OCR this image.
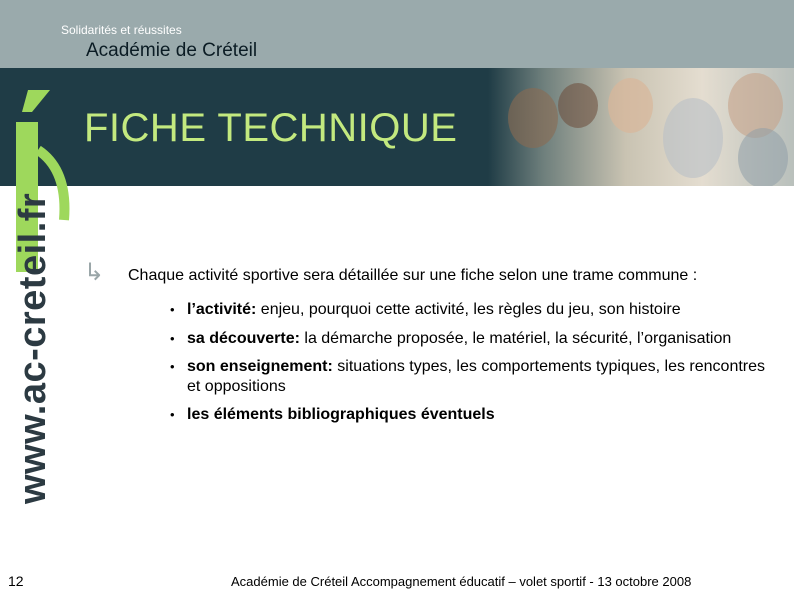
Solidarités et réussites
Académie de Créteil
FICHE TECHNIQUE
www.ac-creteil.fr ↳ Chaque activité sportive sera détaillée sur une fiche selon une trame commune :
• l’activité: enjeu, pourquoi cette activité, les règles du jeu, son histoire
• sa découverte: la démarche proposée, le matériel, la sécurité, l’organisation
• son enseignement: situations types, les comportements typiques, les rencontres et oppositions
• les éléments bibliographiques éventuels
12	Académie de Créteil Accompagnement éducatif – volet sportif - 13 octobre 2008
